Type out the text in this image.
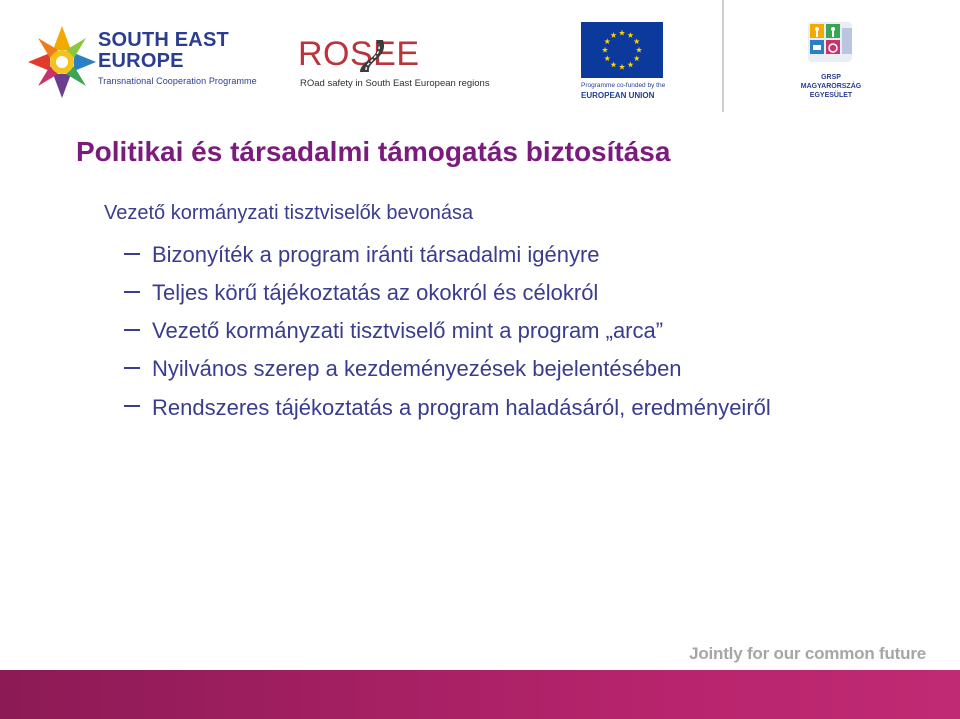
SOUTH EAST
EUROPE
Transnational Cooperation Programme
ROSEE
ROad safety in South East European regions	Programme co-funded by the
EUROPEAN UNION
GRSP
MAGYARORSZÁG
EGYESÜLET
Politikai és társadalmi támogatás biztosítása
Vezető kormányzati tisztviselők bevonása
Bizonyíték a program iránti társadalmi igényre
Teljes körű tájékoztatás az okokról és célokról
Vezető kormányzati tisztviselő mint a program „arca”
Nyilvános szerep a kezdeményezések bejelentésében
Rendszeres tájékoztatás a program haladásáról, eredményeiről
Jointly for our common future
